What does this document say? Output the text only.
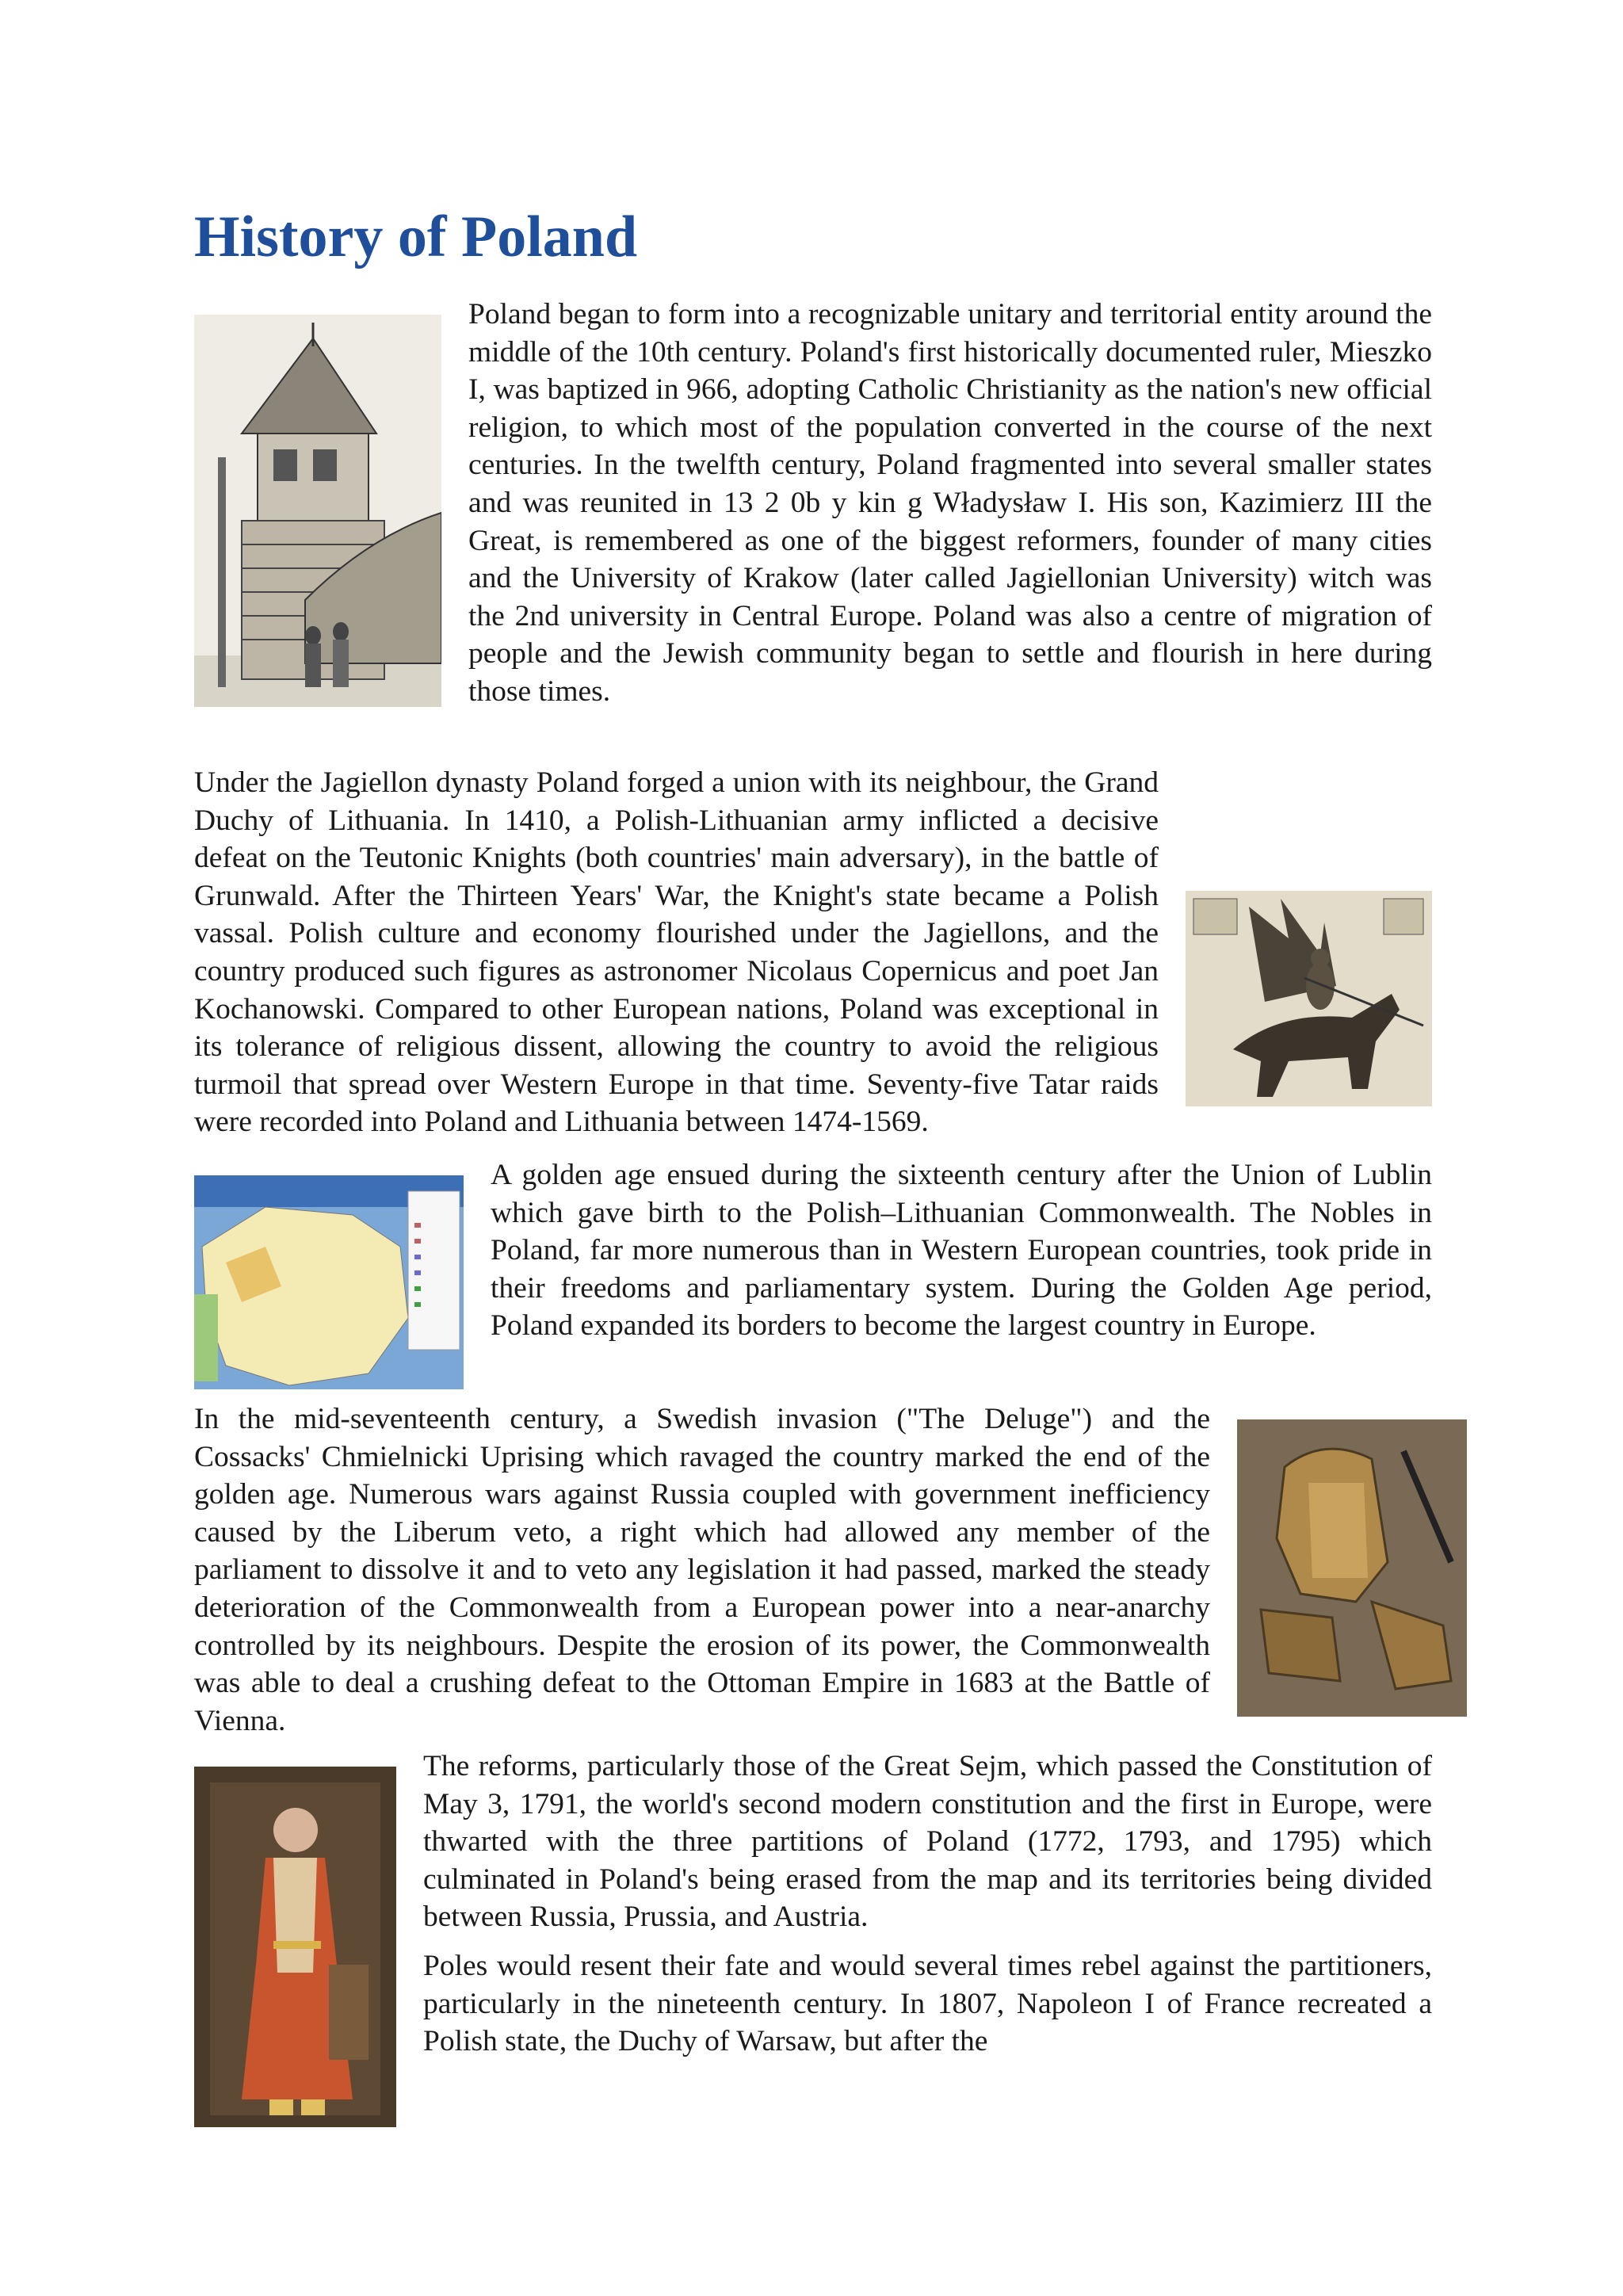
History of Poland
Poland began to form into a recognizable unitary and territorial entity around the middle of the 10th century. Poland's first historically documented ruler, Mieszko I, was baptized in 966, adopting Catholic Christianity as the nation's new official religion, to which most of the population converted in the course of the next centuries. In the twelfth century, Poland fragmented into several smaller states and was reunited in 13 2 0b y kin g Władysław I. His son, Kazimierz III the Great, is remembered as one of the biggest reformers, founder of many cities and the University of Krakow (later called Jagiellonian University) witch was the 2nd university in Central Europe. Poland was also a centre of migration of people and the Jewish community began to settle and flourish in here during those times.
Under the Jagiellon dynasty Poland forged a union with its neighbour, the Grand Duchy of Lithuania. In 1410, a Polish-Lithuanian army inflicted a decisive defeat on the Teutonic Knights (both countries' main adversary), in the battle of Grunwald. After the Thirteen Years' War, the Knight's state became a Polish vassal. Polish culture and economy flourished under the Jagiellons, and the country produced such figures as astronomer Nicolaus Copernicus and poet Jan Kochanowski. Compared to other European nations, Poland was exceptional in its tolerance of religious dissent, allowing the country to avoid the religious turmoil that spread over Western Europe in that time. Seventy-five Tatar raids were recorded into Poland and Lithuania between 1474-1569.
A golden age ensued during the sixteenth century after the Union of Lublin which gave birth to the Polish–Lithuanian Commonwealth. The Nobles in Poland, far more numerous than in Western European countries, took pride in their freedoms and parliamentary system. During the Golden Age period, Poland expanded its borders to become the largest country in Europe.
In the mid-seventeenth century, a Swedish invasion ("The Deluge") and the Cossacks' Chmielnicki Uprising which ravaged the country marked the end of the golden age. Numerous wars against Russia coupled with government inefficiency caused by the Liberum veto, a right which had allowed any member of the parliament to dissolve it and to veto any legislation it had passed, marked the steady deterioration of the Commonwealth from a European power into a near-anarchy controlled by its neighbours. Despite the erosion of its power, the Commonwealth was able to deal a crushing defeat to the Ottoman Empire in 1683 at the Battle of Vienna.
The reforms, particularly those of the Great Sejm, which passed the Constitution of May 3, 1791, the world's second modern constitution and the first in Europe, were thwarted with the three partitions of Poland (1772, 1793, and 1795) which culminated in Poland's being erased from the map and its territories being divided between Russia, Prussia, and Austria.
Poles would resent their fate and would several times rebel against the partitioners, particularly in the nineteenth century. In 1807, Napoleon I of France recreated a Polish state, the Duchy of Warsaw, but after the
